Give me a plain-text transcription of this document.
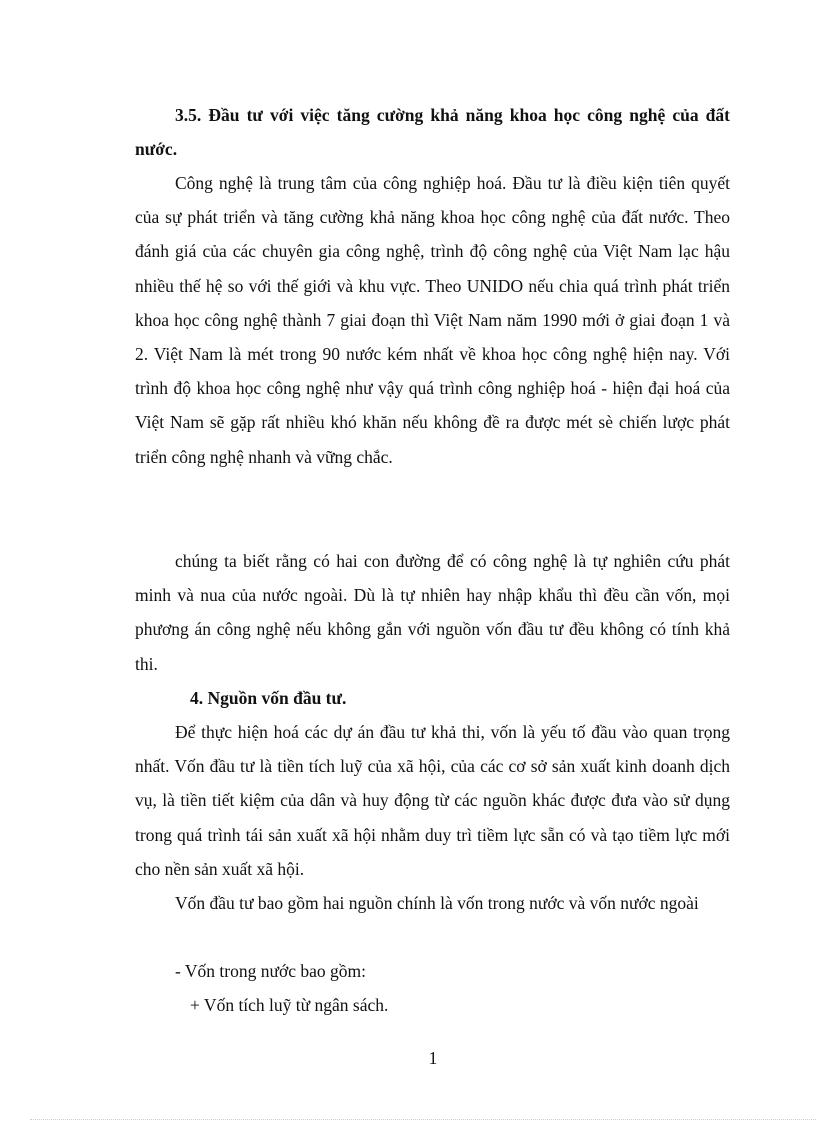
3.5. Đầu tư với việc tăng cường khả năng khoa học công nghệ của đất nước.

Công nghệ là trung tâm của công nghiệp hoá. Đầu tư là điều kiện tiên quyết của sự phát triển và tăng cường khả năng khoa học công nghệ của đất nước. Theo đánh giá của các chuyên gia công nghệ, trình độ công nghệ của Việt Nam lạc hậu nhiều thế hệ so với thế giới và khu vực. Theo UNIDO nếu chia quá trình phát triển khoa học công nghệ thành 7 giai đoạn thì Việt Nam năm 1990 mới ở giai đoạn 1 và 2. Việt Nam là mét trong 90 nước kém nhất về khoa học công nghệ hiện nay. Với trình độ khoa học công nghệ như vậy quá trình công nghiệp hoá - hiện đại hoá của Việt Nam sẽ gặp rất nhiều khó khăn nếu không đề ra được mét sè chiến lược phát triển công nghệ nhanh và vững chắc.

chúng ta biết rằng có hai con đường để có công nghệ là tự nghiên cứu phát minh và nua của nước ngoài. Dù là tự nhiên hay nhập khẩu thì đều cần vốn, mọi phương án công nghệ nếu không gắn với nguồn vốn đầu tư đều không có tính khả thi.

4. Nguồn vốn đầu tư.

Để thực hiện hoá các dự án đầu tư khả thi, vốn là yếu tố đầu vào quan trọng nhất. Vốn đầu tư là tiền tích luỹ của xã hội, của các cơ sở sản xuất kinh doanh dịch vụ, là tiền tiết kiệm của dân và huy động từ các nguồn khác được đưa vào sử dụng trong quá trình tái sản xuất xã hội nhằm duy trì tiềm lực sẵn có và tạo tiềm lực mới cho nền sản xuất xã hội.

Vốn đầu tư bao gồm hai nguồn chính là vốn trong nước và vốn nước ngoài

- Vốn trong nước bao gồm:

+ Vốn tích luỹ từ ngân sách.

1
